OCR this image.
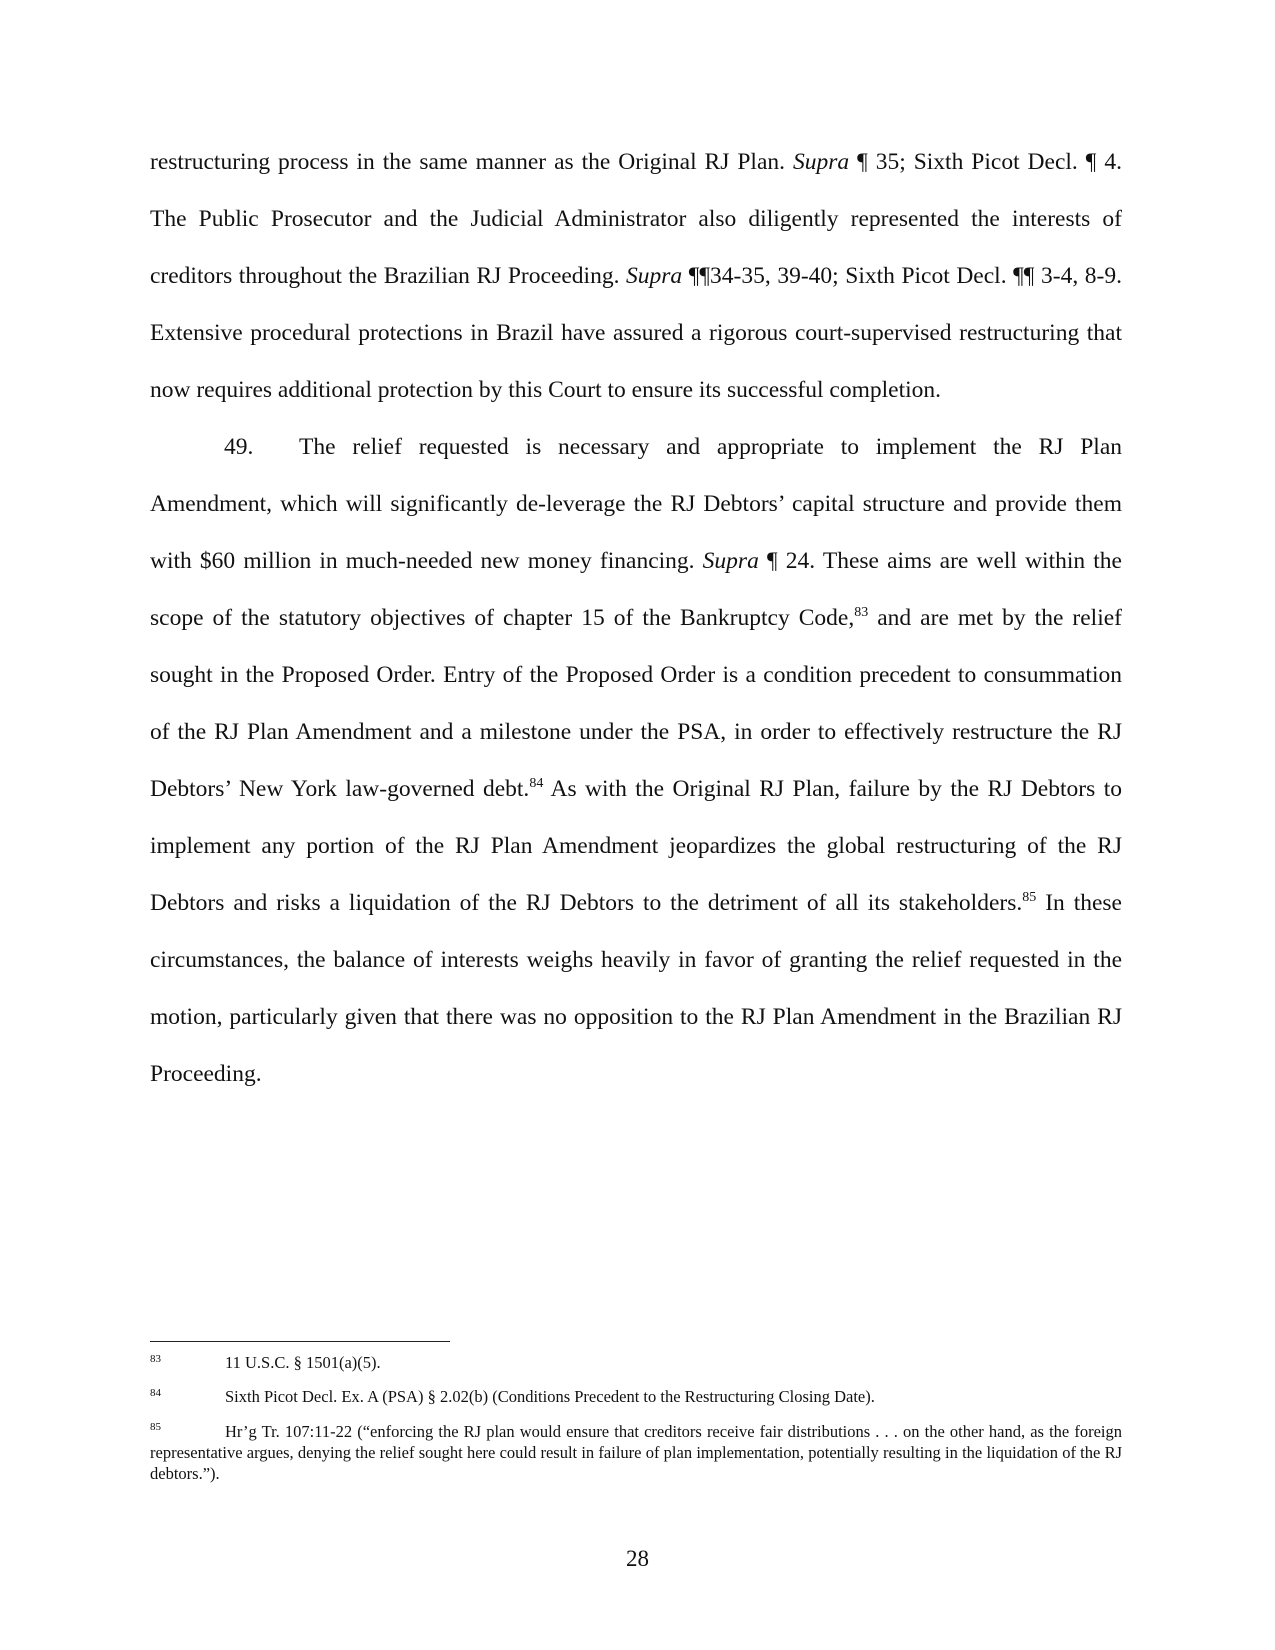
restructuring process in the same manner as the Original RJ Plan. Supra ¶ 35; Sixth Picot Decl. ¶ 4. The Public Prosecutor and the Judicial Administrator also diligently represented the interests of creditors throughout the Brazilian RJ Proceeding. Supra ¶¶34-35, 39-40; Sixth Picot Decl. ¶¶ 3-4, 8-9. Extensive procedural protections in Brazil have assured a rigorous court-supervised restructuring that now requires additional protection by this Court to ensure its successful completion.

49. The relief requested is necessary and appropriate to implement the RJ Plan Amendment, which will significantly de-leverage the RJ Debtors’ capital structure and provide them with $60 million in much-needed new money financing. Supra ¶ 24. These aims are well within the scope of the statutory objectives of chapter 15 of the Bankruptcy Code,$^{83}$ and are met by the relief sought in the Proposed Order. Entry of the Proposed Order is a condition precedent to consummation of the RJ Plan Amendment and a milestone under the PSA, in order to effectively restructure the RJ Debtors’ New York law-governed debt.$^{84}$ As with the Original RJ Plan, failure by the RJ Debtors to implement any portion of the RJ Plan Amendment jeopardizes the global restructuring of the RJ Debtors and risks a liquidation of the RJ Debtors to the detriment of all its stakeholders.$^{85}$ In these circumstances, the balance of interests weighs heavily in favor of granting the relief requested in the motion, particularly given that there was no opposition to the RJ Plan Amendment in the Brazilian RJ Proceeding.

83	11 U.S.C. § 1501(a)(5).
84	Sixth Picot Decl. Ex. A (PSA) § 2.02(b) (Conditions Precedent to the Restructuring Closing Date).
85	Hr’g Tr. 107:11-22 (“enforcing the RJ plan would ensure that creditors receive fair distributions . . . on the other hand, as the foreign representative argues, denying the relief sought here could result in failure of plan implementation, potentially resulting in the liquidation of the RJ debtors.”).
28
